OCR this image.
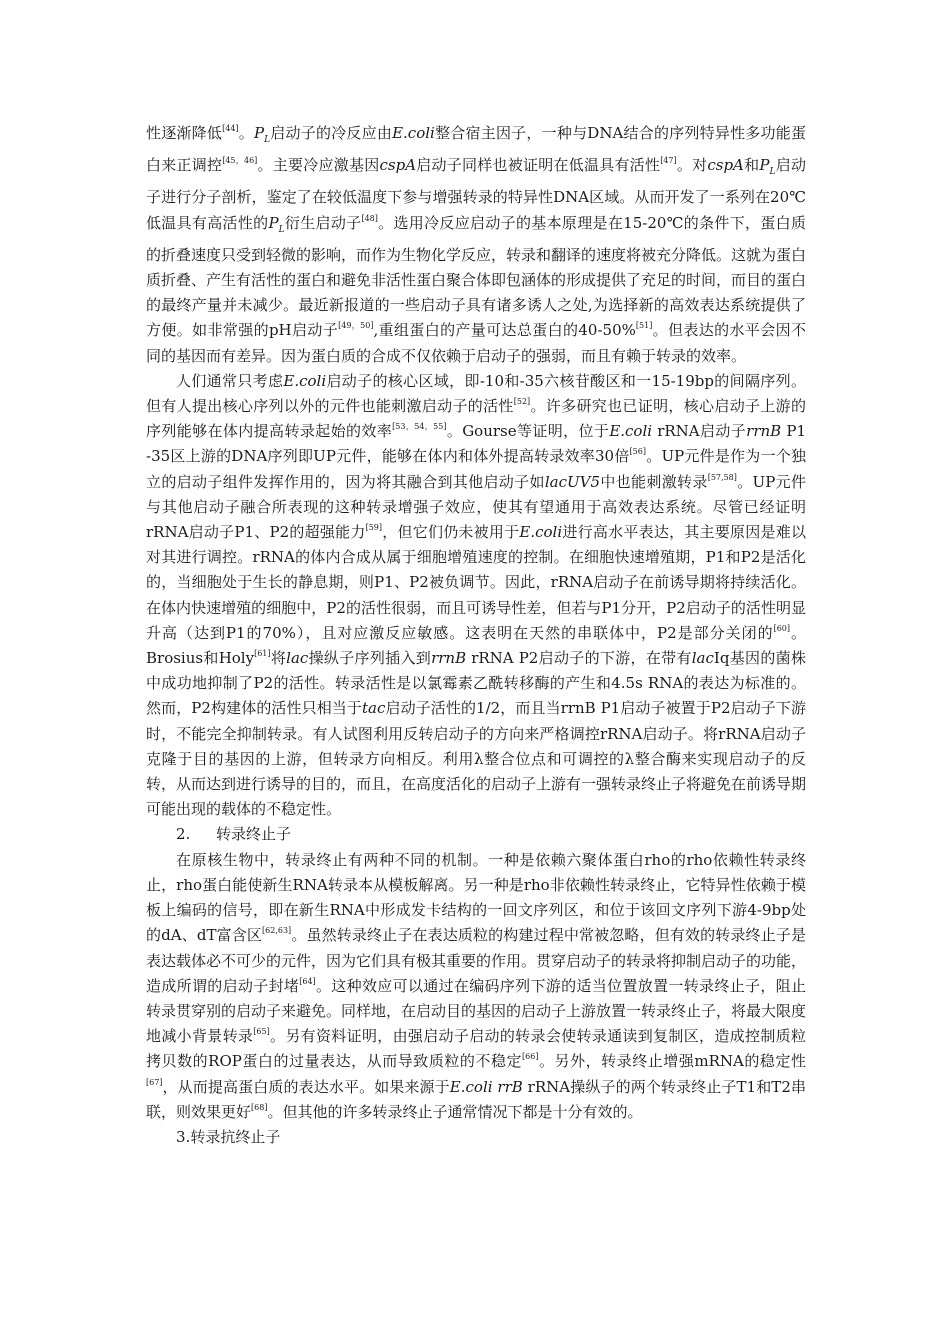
性逐渐降低[44]。$P_L$启动子的冷反应由E.coli整合宿主因子，一种与DNA结合的序列特异性多功能蛋白来正调控[45，46]。主要冷应激基因cspA启动子同样也被证明在低温具有活性[47]。对cspA和$P_L$启动子进行分子剖析，鉴定了在较低温度下参与增强转录的特异性DNA区域。从而开发了一系列在20℃低温具有高活性的$P_L$衍生启动子[48]。选用冷反应启动子的基本原理是在15-20℃的条件下，蛋白质的折叠速度只受到轻微的影响，而作为生物化学反应，转录和翻译的速度将被充分降低。这就为蛋白质折叠、产生有活性的蛋白和避免非活性蛋白聚合体即包涵体的形成提供了充足的时间，而目的蛋白的最终产量并未减少。最近新报道的一些启动子具有诸多诱人之处,为选择新的高效表达系统提供了方便。如非常强的pH启动子[49，50],重组蛋白的产量可达总蛋白的40-50%[51]。但表达的水平会因不同的基因而有差异。因为蛋白质的合成不仅依赖于启动子的强弱，而且有赖于转录的效率。

人们通常只考虑E.coli启动子的核心区域，即-10和-35六核苷酸区和一15-19bp的间隔序列。但有人提出核心序列以外的元件也能刺激启动子的活性[52]。许多研究也已证明，核心启动子上游的序列能够在体内提高转录起始的效率[53，54，55]。Gourse等证明，位于E.coli rRNA启动子rrnB P1 -35区上游的DNA序列即UP元件，能够在体内和体外提高转录效率30倍[56]。UP元件是作为一个独立的启动子组件发挥作用的，因为将其融合到其他启动子如lacUV5中也能刺激转录[57,58]。UP元件与其他启动子融合所表现的这种转录增强子效应，使其有望通用于高效表达系统。尽管已经证明rRNA启动子P1、P2的超强能力[59]，但它们仍未被用于E.coli进行高水平表达，其主要原因是难以对其进行调控。rRNA的体内合成从属于细胞增殖速度的控制。在细胞快速增殖期，P1和P2是活化的，当细胞处于生长的静息期，则P1、P2被负调节。因此，rRNA启动子在前诱导期将持续活化。在体内快速增殖的细胞中，P2的活性很弱，而且可诱导性差，但若与P1分开，P2启动子的活性明显升高（达到P1的70%），且对应激反应敏感。这表明在天然的串联体中，P2是部分关闭的[60]。Brosius和Holy[61]将lac操纵子序列插入到rrnB rRNA P2启动子的下游，在带有lacIq基因的菌株中成功地抑制了P2的活性。转录活性是以氯霉素乙酰转移酶的产生和4.5s RNA的表达为标准的。然而，P2构建体的活性只相当于tac启动子活性的1/2，而且当rrnB P1启动子被置于P2启动子下游时，不能完全抑制转录。有人试图利用反转启动子的方向来严格调控rRNA启动子。将rRNA启动子克隆于目的基因的上游，但转录方向相反。利用λ整合位点和可调控的λ整合酶来实现启动子的反转，从而达到进行诱导的目的，而且，在高度活化的启动子上游有一强转录终止子将避免在前诱导期可能出现的载体的不稳定性。

2. 转录终止子

在原核生物中，转录终止有两种不同的机制。一种是依赖六聚体蛋白rho的rho依赖性转录终止，rho蛋白能使新生RNA转录本从模板解离。另一种是rho非依赖性转录终止，它特异性依赖于模板上编码的信号，即在新生RNA中形成发卡结构的一回文序列区，和位于该回文序列下游4-9bp处的dA、dT富含区[62,63]。虽然转录终止子在表达质粒的构建过程中常被忽略，但有效的转录终止子是表达载体必不可少的元件，因为它们具有极其重要的作用。贯穿启动子的转录将抑制启动子的功能，造成所谓的启动子封堵[64]。这种效应可以通过在编码序列下游的适当位置放置一转录终止子，阻止转录贯穿别的启动子来避免。同样地，在启动目的基因的启动子上游放置一转录终止子，将最大限度地减小背景转录[65]。另有资料证明，由强启动子启动的转录会使转录通读到复制区，造成控制质粒拷贝数的ROP蛋白的过量表达，从而导致质粒的不稳定[66]。另外，转录终止增强mRNA的稳定性[67]，从而提高蛋白质的表达水平。如果来源于E.coli rrB rRNA操纵子的两个转录终止子T1和T2串联，则效果更好[68]。但其他的许多转录终止子通常情况下都是十分有效的。

3.转录抗终止子
